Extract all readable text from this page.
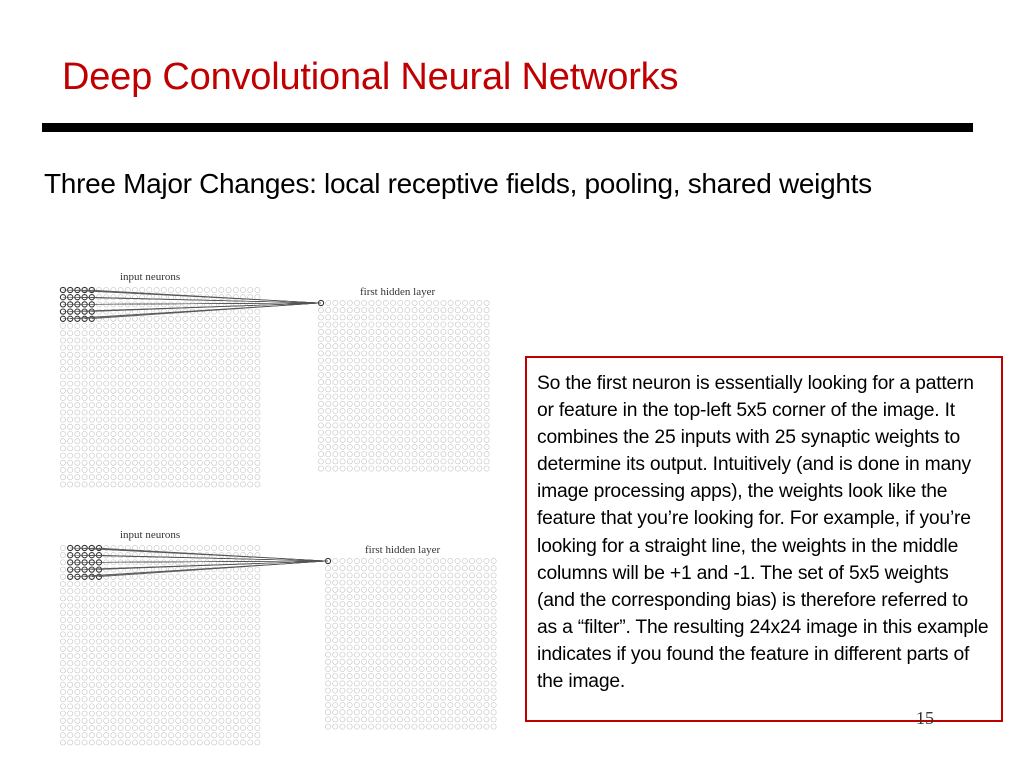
Deep Convolutional Neural Networks
Three Major Changes: local receptive fields, pooling, shared weights
input neurons
first hidden layer
input neurons
first hidden layer

So the first neuron is essentially looking for a pattern or feature in the top-left 5x5 corner of the image. It combines the 25 inputs with 25 synaptic weights to determine its output. Intuitively (and is done in many image processing apps), the weights look like the feature that you’re looking for. For example, if you’re looking for a straight line, the weights in the middle columns will be +1 and -1. The set of 5x5 weights (and the corresponding bias) is therefore referred to as a “filter”. The resulting 24x24 image in this example indicates if you found the feature in different parts of the image.

15
